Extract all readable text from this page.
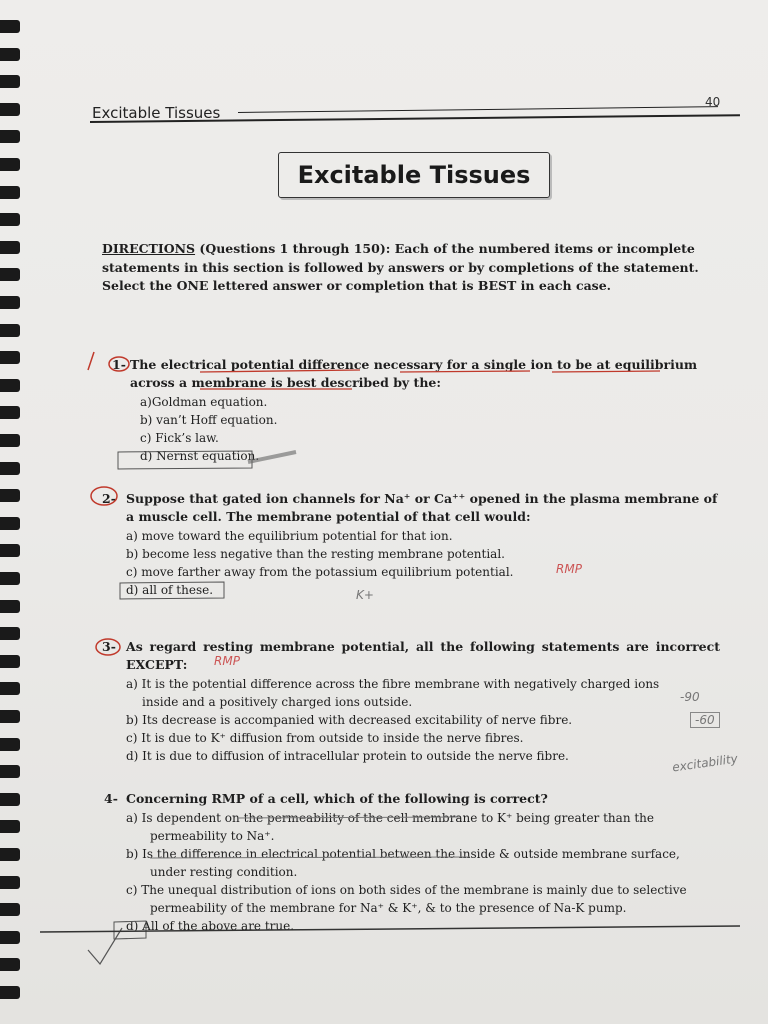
Excitable Tissues
40
Excitable Tissues
DIRECTIONS (Questions 1 through 150): Each of the numbered items or incomplete statements in this section is followed by answers or by completions of the statement. Select the ONE lettered answer or completion that is BEST in each case.
1- The electrical potential difference necessary for a single ion to be at equilibrium across a membrane is best described by the:
a)Goldman equation.
b) van’t Hoff equation.
c) Fick’s law.
d) Nernst equation.
2- Suppose that gated ion channels for Na⁺ or Ca⁺⁺ opened in the plasma membrane of a muscle cell. The membrane potential of that cell would:
a) move toward the equilibrium potential for that ion.
b) become less negative than the resting membrane potential.
c) move farther away from the potassium equilibrium potential.
d) all of these.
3- As regard resting membrane potential, all the following statements are incorrect EXCEPT:
a) It is the potential difference across the fibre membrane with negatively charged ions inside and a positively charged ions outside.
b) Its decrease is accompanied with decreased excitability of nerve fibre.
c) It is due to K⁺ diffusion from outside to inside the nerve fibres.
d) It is due to diffusion of intracellular protein to outside the nerve fibre.
4- Concerning RMP of a cell, which of the following is correct?
a) Is dependent on the permeability of the cell membrane to K⁺ being greater than the permeability to Na⁺.
b) Is the difference in electrical potential between the inside & outside membrane surface, under resting condition.
c) The unequal distribution of ions on both sides of the membrane is mainly due to selective permeability of the membrane for Na⁺ & K⁺, & to the presence of Na-K pump.
d) All of the above are true.
RMP
K+
RMP
-90
-60
excitability
